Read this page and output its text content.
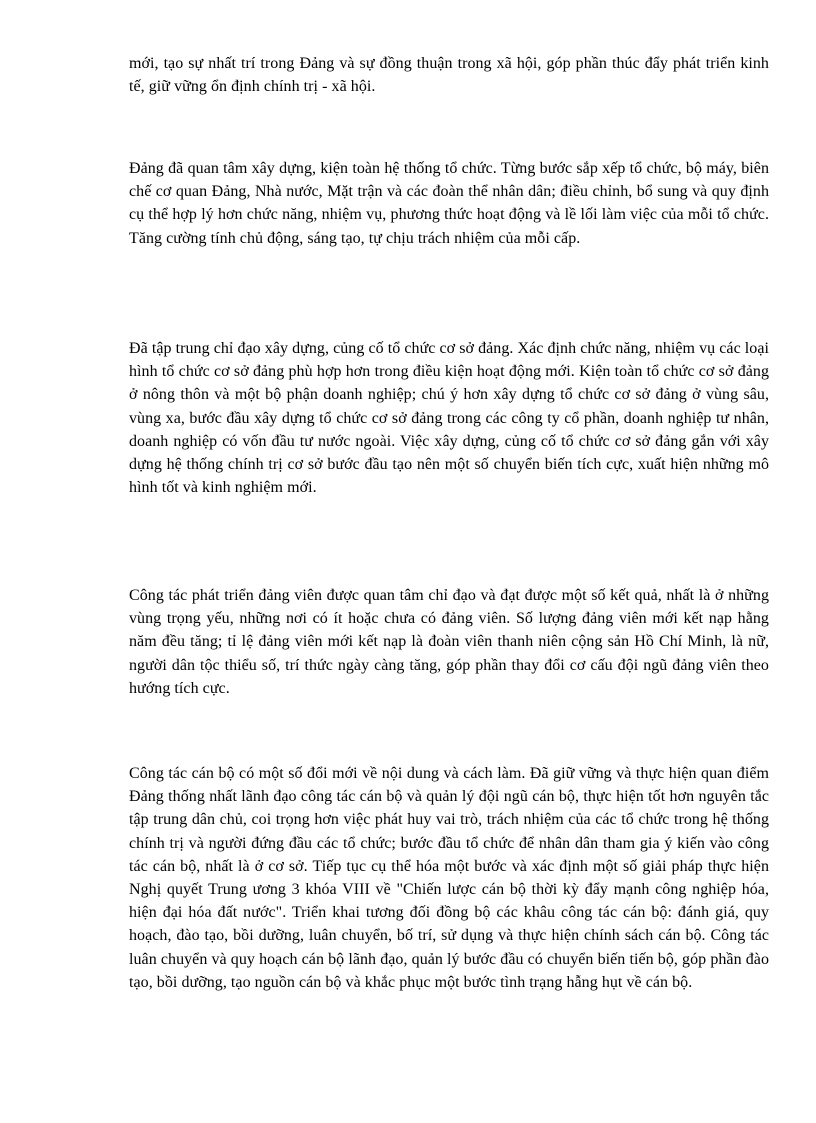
mới, tạo sự nhất trí trong Đảng và sự đồng thuận trong xã hội, góp phần thúc đẩy phát triển kinh tế, giữ vững ổn định chính trị - xã hội.

Đảng đã quan tâm xây dựng, kiện toàn hệ thống tổ chức. Từng bước sắp xếp tổ chức, bộ máy, biên chế cơ quan Đảng, Nhà nước, Mặt trận và các đoàn thể nhân dân; điều chỉnh, bổ sung và quy định cụ thể hợp lý hơn chức năng, nhiệm vụ, phương thức hoạt động và lề lối làm việc của mỗi tổ chức. Tăng cường tính chủ động, sáng tạo, tự chịu trách nhiệm của mỗi cấp.

Đã tập trung chỉ đạo xây dựng, củng cố tổ chức cơ sở đảng. Xác định chức năng, nhiệm vụ các loại hình tổ chức cơ sở đảng phù hợp hơn trong điều kiện hoạt động mới. Kiện toàn tổ chức cơ sở đảng ở nông thôn và một bộ phận doanh nghiệp; chú ý hơn xây dựng tổ chức cơ sở đảng ở vùng sâu, vùng xa, bước đầu xây dựng tổ chức cơ sở đảng trong các công ty cổ phần, doanh nghiệp tư nhân, doanh nghiệp có vốn đầu tư nước ngoài. Việc xây dựng, củng cố tổ chức cơ sở đảng gắn với xây dựng hệ thống chính trị cơ sở bước đầu tạo nên một số chuyển biến tích cực, xuất hiện những mô hình tốt và kinh nghiệm mới.

Công tác phát triển đảng viên được quan tâm chỉ đạo và đạt được một số kết quả, nhất là ở những vùng trọng yếu, những nơi có ít hoặc chưa có đảng viên. Số lượng đảng viên mới kết nạp hằng năm đều tăng; tỉ lệ đảng viên mới kết nạp là đoàn viên thanh niên cộng sản Hồ Chí Minh, là nữ, người dân tộc thiểu số, trí thức ngày càng tăng, góp phần thay đổi cơ cấu đội ngũ đảng viên theo hướng tích cực.

Công tác cán bộ có một số đổi mới về nội dung và cách làm. Đã giữ vững và thực hiện quan điểm Đảng thống nhất lãnh đạo công tác cán bộ và quản lý đội ngũ cán bộ, thực hiện tốt hơn nguyên tắc tập trung dân chủ, coi trọng hơn việc phát huy vai trò, trách nhiệm của các tổ chức trong hệ thống chính trị và người đứng đầu các tổ chức; bước đầu tổ chức để nhân dân tham gia ý kiến vào công tác cán bộ, nhất là ở cơ sở. Tiếp tục cụ thể hóa một bước và xác định một số giải pháp thực hiện Nghị quyết Trung ương 3 khóa VIII về "Chiến lược cán bộ thời kỳ đẩy mạnh công nghiệp hóa, hiện đại hóa đất nước". Triển khai tương đối đồng bộ các khâu công tác cán bộ: đánh giá, quy hoạch, đào tạo, bồi dưỡng, luân chuyển, bố trí, sử dụng và thực hiện chính sách cán bộ. Công tác luân chuyển và quy hoạch cán bộ lãnh đạo, quản lý bước đầu có chuyển biến tiến bộ, góp phần đào tạo, bồi dưỡng, tạo nguồn cán bộ và khắc phục một bước tình trạng hẫng hụt về cán bộ.
